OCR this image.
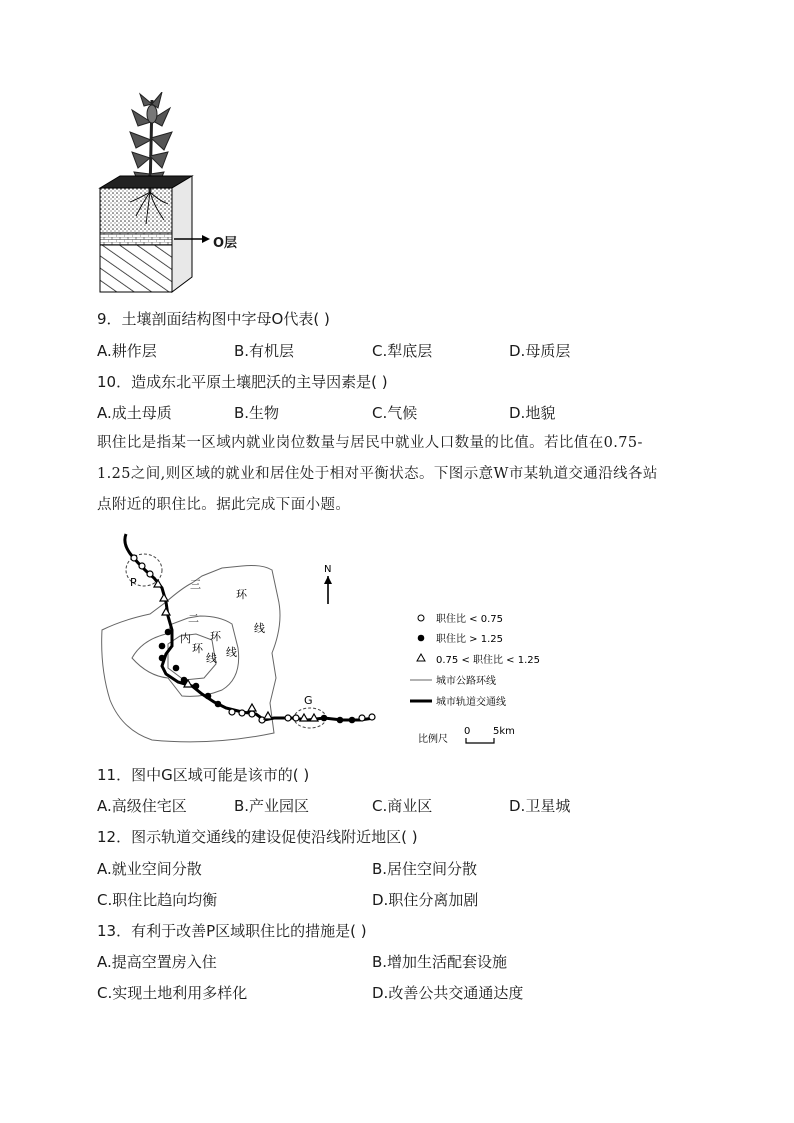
O层
9．土壤剖面结构图中字母O代表( )
A.耕作层	B.有机层	C.犁底层	D.母质层
10．造成东北平原土壤肥沃的主导因素是( )
A.成土母质	B.生物	C.气候	D.地貌
职住比是指某一区域内就业岗位数量与居民中就业人口数量的比值。若比值在0.75-
1.25之间,则区域的就业和居住处于相对平衡状态。下图示意W市某轨道交通沿线各站
点附近的职住比。据此完成下面小题。
P
G
三
环
线
二
环
线
内
环
线
N
职住比 < 0.75
职住比 > 1.25
0.75 < 职住比 < 1.25
城市公路环线
城市轨道交通线
比例尺
0 5km
11．图中G区域可能是该市的( )
A.高级住宅区	B.产业园区	C.商业区	D.卫星城
12．图示轨道交通线的建设促使沿线附近地区( )
A.就业空间分散	B.居住空间分散
C.职住比趋向均衡	D.职住分离加剧
13．有利于改善P区域职住比的措施是( )
A.提高空置房入住	B.增加生活配套设施
C.实现土地利用多样化	D.改善公共交通通达度
